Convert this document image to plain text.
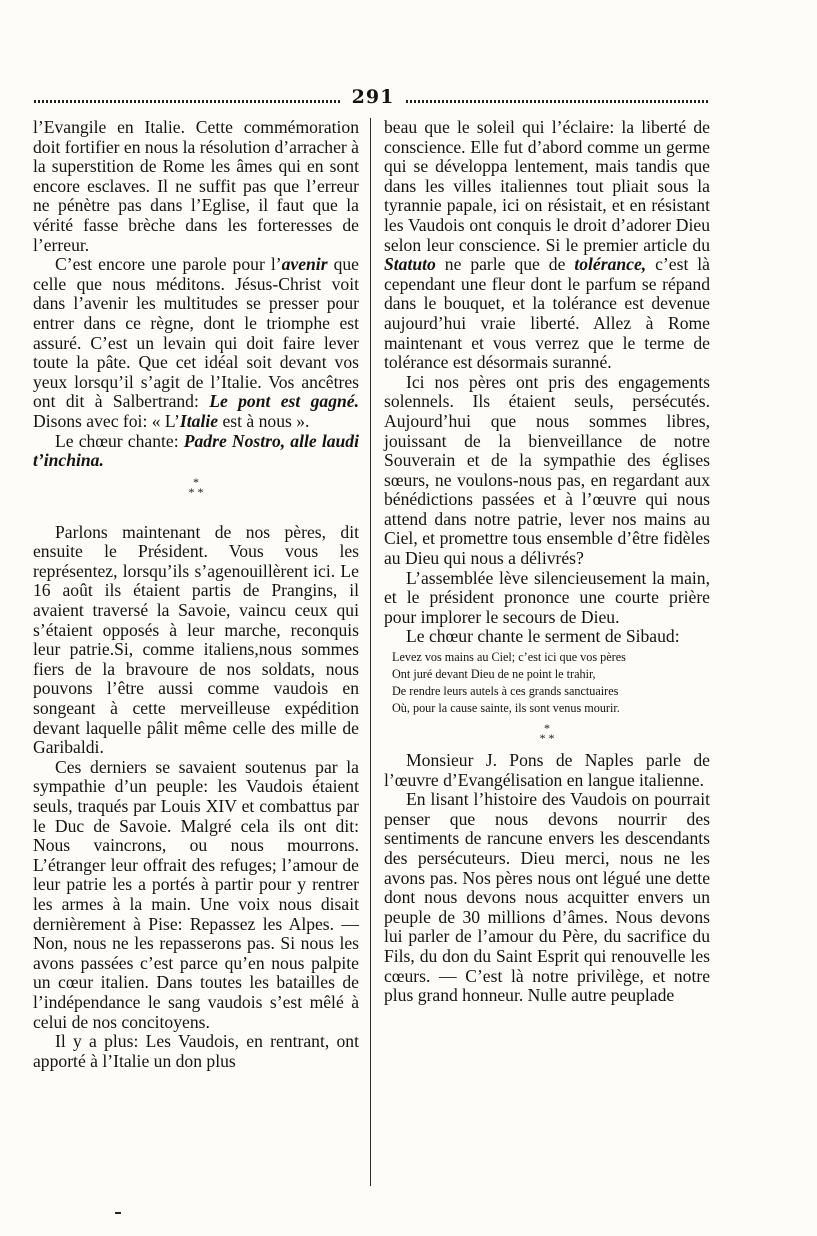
291

l’Evangile en Italie. Cette commémoration doit fortifier en nous la résolution d’arracher à la superstition de Rome les âmes qui en sont encore esclaves. Il ne suffit pas que l’erreur ne pénètre pas dans l’Eglise, il faut que la vérité fasse brèche dans les forteresses de l’erreur.

C’est encore une parole pour l’avenir que celle que nous méditons. Jésus-Christ voit dans l’avenir les multitudes se presser pour entrer dans ce règne, dont le triomphe est assuré. C’est un levain qui doit faire lever toute la pâte. Que cet idéal soit devant vos yeux lorsqu’il s’agit de l’Italie. Vos ancêtres ont dit à Salbertrand: Le pont est gagné. Disons avec foi: « L’Italie est à nous ».

Le chœur chante: Padre Nostro, alle laudi t’inchina.

*
* *

Parlons maintenant de nos pères, dit ensuite le Président. Vous vous les représentez, lorsqu’ils s’agenouillèrent ici. Le 16 août ils étaient partis de Prangins, il avaient traversé la Savoie, vaincu ceux qui s’étaient opposés à leur marche, reconquis leur patrie.Si, comme italiens,nous sommes fiers de la bravoure de nos soldats, nous pouvons l’être aussi comme vaudois en songeant à cette merveilleuse expédition devant laquelle pâlit même celle des mille de Garibaldi.

Ces derniers se savaient soutenus par la sympathie d’un peuple: les Vaudois étaient seuls, traqués par Louis XIV et combattus par le Duc de Savoie. Malgré cela ils ont dit: Nous vaincrons, ou nous mourrons. L’étranger leur offrait des refuges; l’amour de leur patrie les a portés à partir pour y rentrer les armes à la main. Une voix nous disait dernièrement à Pise: Repassez les Alpes. — Non, nous ne les repasserons pas. Si nous les avons passées c’est parce qu’en nous palpite un cœur italien. Dans toutes les batailles de l’indépendance le sang vaudois s’est mêlé à celui de nos concitoyens.

Il y a plus: Les Vaudois, en rentrant, ont apporté à l’Italie un don plus

beau que le soleil qui l’éclaire: la liberté de conscience. Elle fut d’abord comme un germe qui se développa lentement, mais tandis que dans les villes italiennes tout pliait sous la tyrannie papale, ici on résistait, et en résistant les Vaudois ont conquis le droit d’adorer Dieu selon leur conscience. Si le premier article du Statuto ne parle que de tolérance, c’est là cependant une fleur dont le parfum se répand dans le bouquet, et la tolérance est devenue aujourd’hui vraie liberté. Allez à Rome maintenant et vous verrez que le terme de tolérance est désormais suranné.

Ici nos pères ont pris des engagements solennels. Ils étaient seuls, persécutés. Aujourd’hui que nous sommes libres, jouissant de la bienveillance de notre Souverain et de la sympathie des églises sœurs, ne voulons-nous pas, en regardant aux bénédictions passées et à l’œuvre qui nous attend dans notre patrie, lever nos mains au Ciel, et promettre tous ensemble d’être fidèles au Dieu qui nous a délivrés?

L’assemblée lève silencieusement la main, et le président prononce une courte prière pour implorer le secours de Dieu.

Le chœur chante le serment de Sibaud:

Levez vos mains au Ciel; c’est ici que vos pères
Ont juré devant Dieu de ne point le trahir,
De rendre leurs autels à ces grands sanctuaires
Où, pour la cause sainte, ils sont venus mourir.
*
* *

Monsieur J. Pons de Naples parle de l’œuvre d’Evangélisation en langue italienne.

En lisant l’histoire des Vaudois on pourrait penser que nous devons nourrir des sentiments de rancune envers les descendants des persécuteurs. Dieu merci, nous ne les avons pas. Nos pères nous ont légué une dette dont nous devons nous acquitter envers un peuple de 30 millions d’âmes. Nous devons lui parler de l’amour du Père, du sacrifice du Fils, du don du Saint Esprit qui renouvelle les cœurs. — C’est là notre privilège, et notre plus grand honneur. Nulle autre peuplade
